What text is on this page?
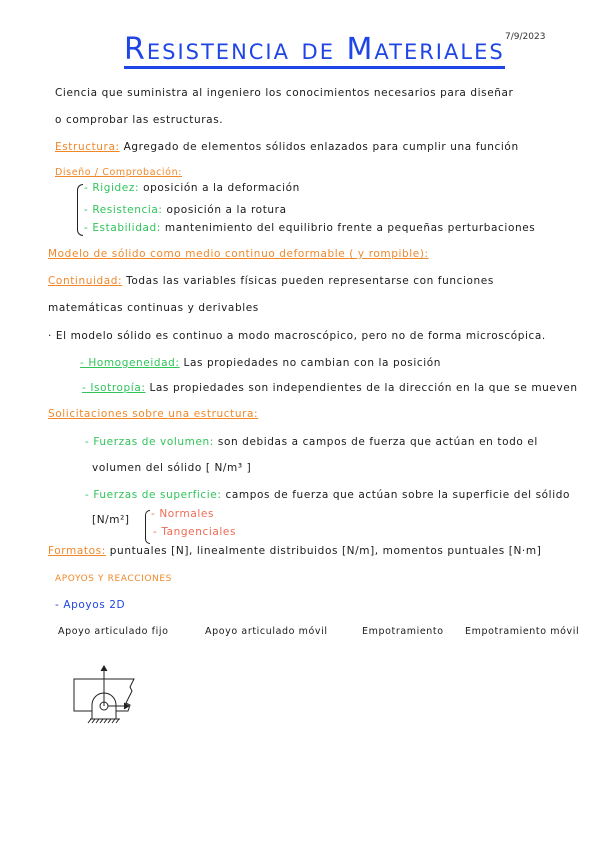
Resistencia de Materiales 7/9/2023
Ciencia que suministra al ingeniero los conocimientos necesarios para diseñar
o comprobar las estructuras.
Estructura: Agregado de elementos sólidos enlazados para cumplir una función
Diseño / Comprobación:
- Rigidez: oposición a la deformación
- Resistencia: oposición a la rotura
- Estabilidad: mantenimiento del equilibrio frente a pequeñas perturbaciones
Modelo de sólido como medio continuo deformable ( y rompible):
Continuidad: Todas las variables físicas pueden representarse con funciones
matemáticas continuas y derivables
· El modelo sólido es continuo a modo macroscópico, pero no de forma microscópica.
- Homogeneidad: Las propiedades no cambian con la posición
- Isotropía: Las propiedades son independientes de la dirección en la que se mueven
Solicitaciones sobre una estructura:
- Fuerzas de volumen: son debidas a campos de fuerza que actúan en todo el
volumen del sólido [ N/m³ ]
- Fuerzas de superficie: campos de fuerza que actúan sobre la superficie del sólido
[N/m²] - Normales
- Tangenciales
Formatos: puntuales [N], linealmente distribuidos [N/m], momentos puntuales [N·m]
APOYOS Y REACCIONES
- Apoyos 2D
Apoyo articulado fijo	Apoyo articulado móvil	Empotramiento Empotramiento móvil
